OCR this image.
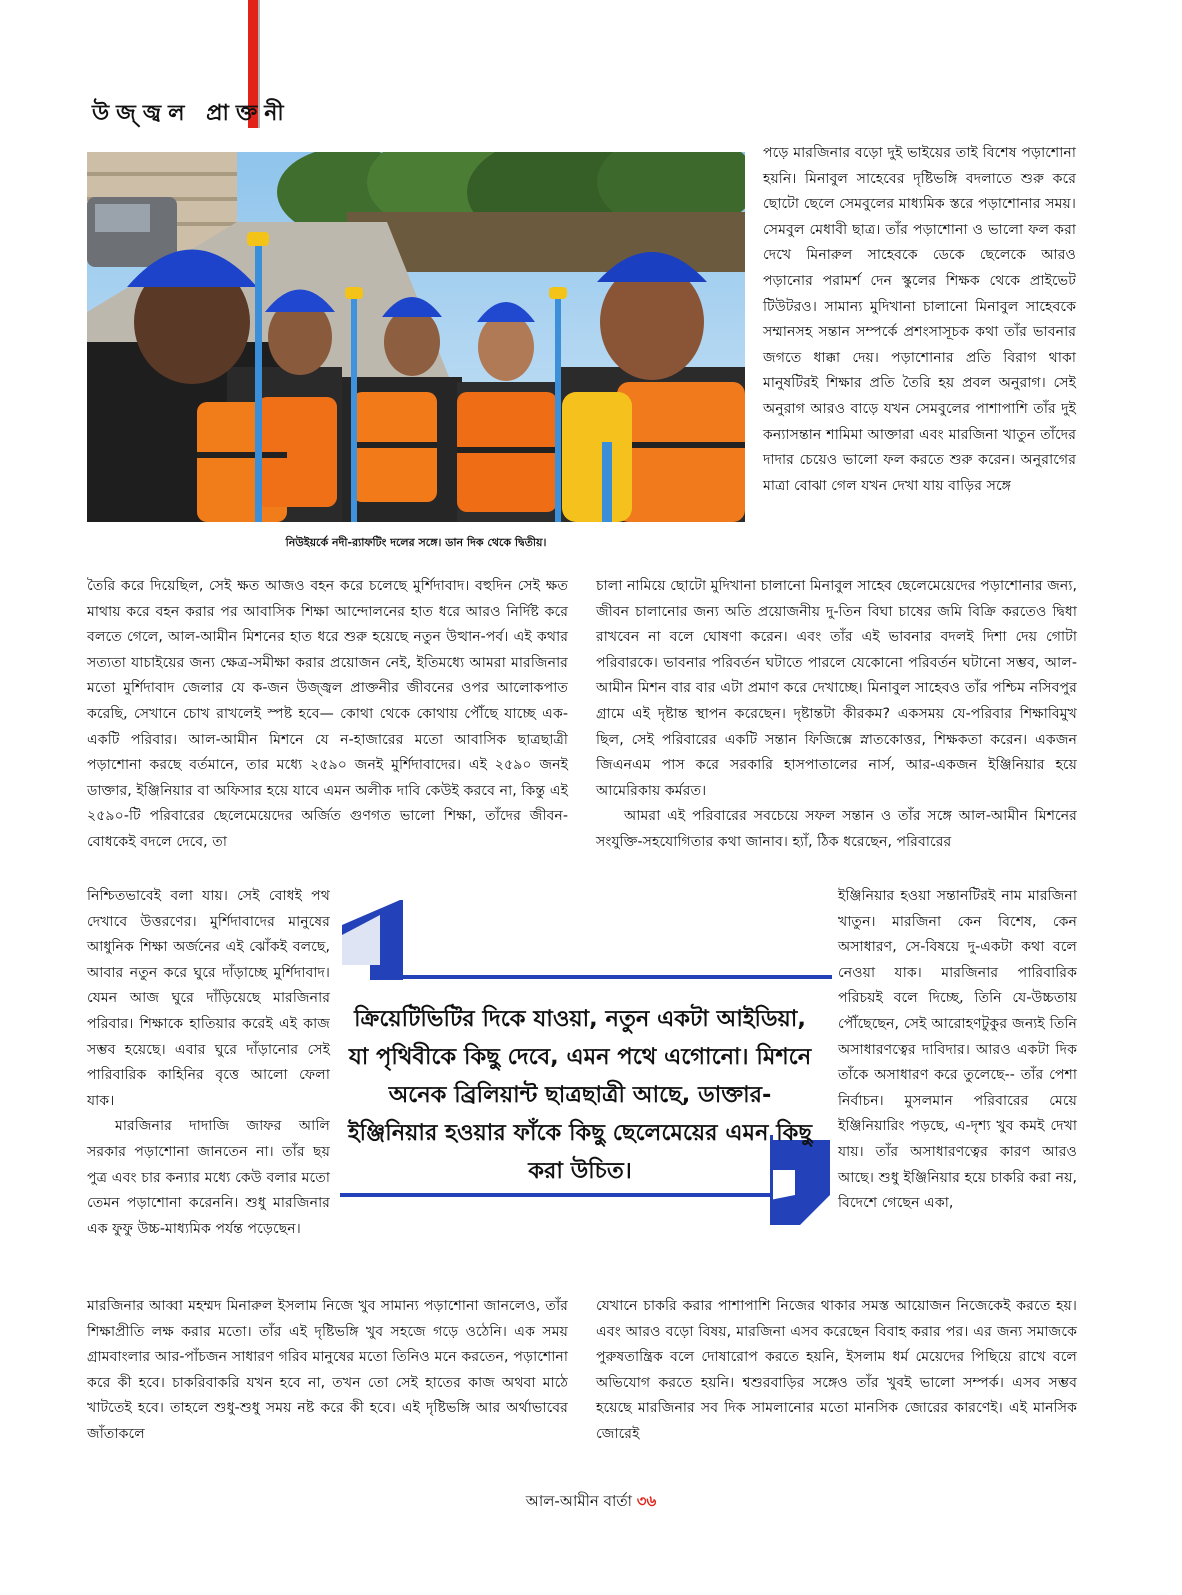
উজ্জ্বল প্রাক্তনী
নিউইয়র্কে নদী-র‍্যাফটিং দলের সঙ্গে। ডান দিক থেকে দ্বিতীয়।

পড়ে মারজিনার বড়ো দুই ভাইয়ের তাই বিশেষ পড়াশোনা হয়নি। মিনাবুল সাহেবের দৃষ্টিভঙ্গি বদলাতে শুরু করে ছোটো ছেলে সেমবুলের মাধ্যমিক স্তরে পড়াশোনার সময়। সেমবুল মেধাবী ছাত্র। তাঁর পড়াশোনা ও ভালো ফল করা দেখে মিনারুল সাহেবকে ডেকে ছেলেকে আরও পড়ানোর পরামর্শ দেন স্কুলের শিক্ষক থেকে প্রাইভেট টিউটরও। সামান্য মুদিখানা চালানো মিনাবুল সাহেবকে সম্মানসহ সন্তান সম্পর্কে প্রশংসাসূচক কথা তাঁর ভাবনার জগতে ধাক্কা দেয়। পড়াশোনার প্রতি বিরাগ থাকা মানুষটিরই শিক্ষার প্রতি তৈরি হয় প্রবল অনুরাগ। সেই অনুরাগ আরও বাড়ে যখন সেমবুলের পাশাপাশি তাঁর দুই কন্যাসন্তান শামিমা আক্তারা এবং মারজিনা খাতুন তাঁদের দাদার চেয়েও ভালো ফল করতে শুরু করেন। অনুরাগের মাত্রা বোঝা গেল যখন দেখা যায় বাড়ির সঙ্গে

তৈরি করে দিয়েছিল, সেই ক্ষত আজও বহন করে চলেছে মুর্শিদাবাদ। বহুদিন সেই ক্ষত মাথায় করে বহন করার পর আবাসিক শিক্ষা আন্দোলনের হাত ধরে আরও নির্দিষ্ট করে বলতে গেলে, আল-আমীন মিশনের হাত ধরে শুরু হয়েছে নতুন উত্থান-পর্ব। এই কথার সত্যতা যাচাইয়ের জন্য ক্ষেত্র-সমীক্ষা করার প্রয়োজন নেই, ইতিমধ্যে আমরা মারজিনার মতো মুর্শিদাবাদ জেলার যে ক-জন উজ্জ্বল প্রাক্তনীর জীবনের ওপর আলোকপাত করেছি, সেখানে চোখ রাখলেই স্পষ্ট হবে— কোথা থেকে কোথায় পৌঁছে যাচ্ছে এক-একটি পরিবার। আল-আমীন মিশনে যে ন-হাজারের মতো আবাসিক ছাত্রছাত্রী পড়াশোনা করছে বর্তমানে, তার মধ্যে ২৫৯০ জনই মুর্শিদাবাদের। এই ২৫৯০ জনই ডাক্তার, ইঞ্জিনিয়ার বা অফিসার হয়ে যাবে এমন অলীক দাবি কেউই করবে না, কিন্তু এই ২৫৯০-টি পরিবারের ছেলেমেয়েদের অর্জিত গুণগত ভালো শিক্ষা, তাঁদের জীবন-বোধকেই বদলে দেবে, তা

চালা নামিয়ে ছোটো মুদিখানা চালানো মিনাবুল সাহেব ছেলেমেয়েদের পড়াশোনার জন্য, জীবন চালানোর জন্য অতি প্রয়োজনীয় দু-তিন বিঘা চাষের জমি বিক্রি করতেও দ্বিধা রাখবেন না বলে ঘোষণা করেন। এবং তাঁর এই ভাবনার বদলই দিশা দেয় গোটা পরিবারকে। ভাবনার পরিবর্তন ঘটাতে পারলে যেকোনো পরিবর্তন ঘটানো সম্ভব, আল-আমীন মিশন বার বার এটা প্রমাণ করে দেখাচ্ছে। মিনাবুল সাহেবও তাঁর পশ্চিম নসিবপুর গ্রামে এই দৃষ্টান্ত স্থাপন করেছেন। দৃষ্টান্তটা কীরকম? একসময় যে-পরিবার শিক্ষাবিমুখ ছিল, সেই পরিবারের একটি সন্তান ফিজিক্সে স্নাতকোত্তর, শিক্ষকতা করেন। একজন জিএনএম পাস করে সরকারি হাসপাতালের নার্স, আর-একজন ইঞ্জিনিয়ার হয়ে আমেরিকায় কর্মরত।

আমরা এই পরিবারের সবচেয়ে সফল সন্তান ও তাঁর সঙ্গে আল-আমীন মিশনের সংযুক্তি-সহযোগিতার কথা জানাব। হ্যাঁ, ঠিক ধরেছেন, পরিবারের

নিশ্চিতভাবেই বলা যায়। সেই বোধই পথ দেখাবে উত্তরণের। মুর্শিদাবাদের মানুষের আধুনিক শিক্ষা অর্জনের এই ঝোঁকই বলছে, আবার নতুন করে ঘুরে দাঁড়াচ্ছে মুর্শিদাবাদ। যেমন আজ ঘুরে দাঁড়িয়েছে মারজিনার পরিবার। শিক্ষাকে হাতিয়ার করেই এই কাজ সম্ভব হয়েছে। এবার ঘুরে দাঁড়ানোর সেই পারিবারিক কাহিনির বৃত্তে আলো ফেলা যাক।

মারজিনার দাদাজি জাফর আলি সরকার পড়াশোনা জানতেন না। তাঁর ছয় পুত্র এবং চার কন্যার মধ্যে কেউ বলার মতো তেমন পড়াশোনা করেননি। শুধু মারজিনার এক ফুফু উচ্চ-মাধ্যমিক পর্যন্ত পড়েছেন।

ইঞ্জিনিয়ার হওয়া সন্তানটিরই নাম মারজিনা খাতুন। মারজিনা কেন বিশেষ, কেন অসাধারণ, সে-বিষয়ে দু-একটা কথা বলে নেওয়া যাক। মারজিনার পারিবারিক পরিচয়ই বলে দিচ্ছে, তিনি যে-উচ্চতায় পৌঁছেছেন, সেই আরোহণটুকুর জন্যই তিনি অসাধারণত্বের দাবিদার। আরও একটা দিক তাঁকে অসাধারণ করে তুলেছে-- তাঁর পেশা নির্বাচন। মুসলমান পরিবারের মেয়ে ইঞ্জিনিয়ারিং পড়ছে, এ-দৃশ্য খুব কমই দেখা যায়। তাঁর অসাধারণত্বের কারণ আরও আছে। শুধু ইঞ্জিনিয়ার হয়ে চাকরি করা নয়, বিদেশে গেছেন একা,

ক্রিয়েটিভিটির দিকে যাওয়া, নতুন একটা আইডিয়া, যা পৃথিবীকে কিছু দেবে, এমন পথে এগোনো। মিশনে অনেক ব্রিলিয়ান্ট ছাত্রছাত্রী আছে, ডাক্তার-ইঞ্জিনিয়ার হওয়ার ফাঁকে কিছু ছেলেমেয়ের এমন কিছু করা উচিত।

মারজিনার আব্বা মহম্মদ মিনারুল ইসলাম নিজে খুব সামান্য পড়াশোনা জানলেও, তাঁর শিক্ষাপ্রীতি লক্ষ করার মতো। তাঁর এই দৃষ্টিভঙ্গি খুব সহজে গড়ে ওঠেনি। এক সময় গ্রামবাংলার আর-পাঁচজন সাধারণ গরিব মানুষের মতো তিনিও মনে করতেন, পড়াশোনা করে কী হবে। চাকরিবাকরি যখন হবে না, তখন তো সেই হাতের কাজ অথবা মাঠে খাটতেই হবে। তাহলে শুধু-শুধু সময় নষ্ট করে কী হবে। এই দৃষ্টিভঙ্গি আর অর্থাভাবের জাঁতাকলে

যেখানে চাকরি করার পাশাপাশি নিজের থাকার সমস্ত আয়োজন নিজেকেই করতে হয়। এবং আরও বড়ো বিষয়, মারজিনা এসব করেছেন বিবাহ করার পর। এর জন্য সমাজকে পুরুষতান্ত্রিক বলে দোষারোপ করতে হয়নি, ইসলাম ধর্ম মেয়েদের পিছিয়ে রাখে বলে অভিযোগ করতে হয়নি। শ্বশুরবাড়ির সঙ্গেও তাঁর খুবই ভালো সম্পর্ক। এসব সম্ভব হয়েছে মারজিনার সব দিক সামলানোর মতো মানসিক জোরের কারণেই। এই মানসিক জোরেই

আল-আমীন বার্তা ৩৬
